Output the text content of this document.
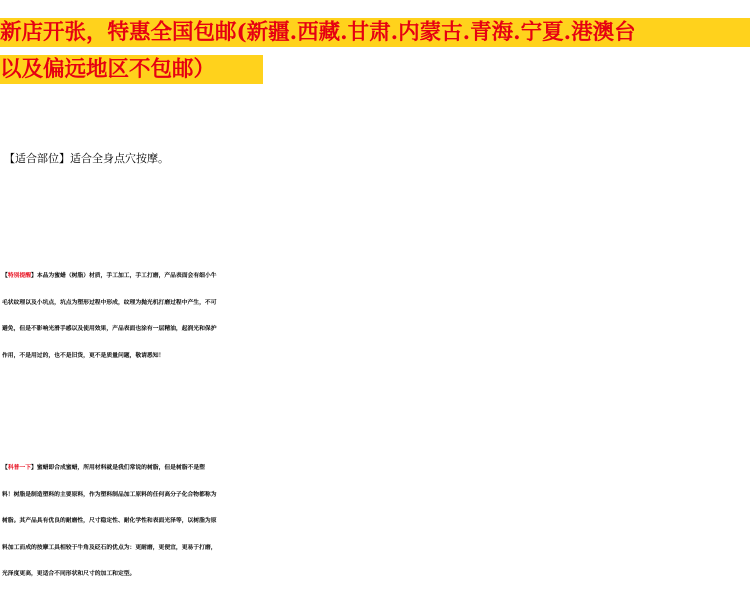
新店开张，特惠全国包邮(新疆.西藏.甘肃.内蒙古.青海.宁夏.港澳台
以及偏远地区不包邮）
【适合部位】适合全身点穴按摩。
【特别提醒】本品为蜜蜡（树脂）材质，手工加工，手工打磨，产品表面会有细小牛
毛状纹理以及小坑点，坑点为塑形过程中形成，纹理为抛光机打磨过程中产生，不可
避免，但是不影响光滑手感以及使用效果，产品表面也涂有一层精油，起润光和保护
作用，不是用过的，也不是旧货，更不是质量问题，敬请悉知！
【科普一下】蜜蜡即合成蜜蜡，所用材料就是我们常说的树脂，但是树脂不是塑
料！树脂是制造塑料的主要原料，作为塑料制品加工原料的任何高分子化合物都称为
树脂。其产品具有优良的耐磨性，尺寸稳定性、耐化学性和表面光泽等，以树脂为原
料加工而成的按摩工具相较于牛角及砭石的优点为：更耐磨，更便宜，更易于打磨，
光泽度更高，更适合不同形状和尺寸的加工和定型。
